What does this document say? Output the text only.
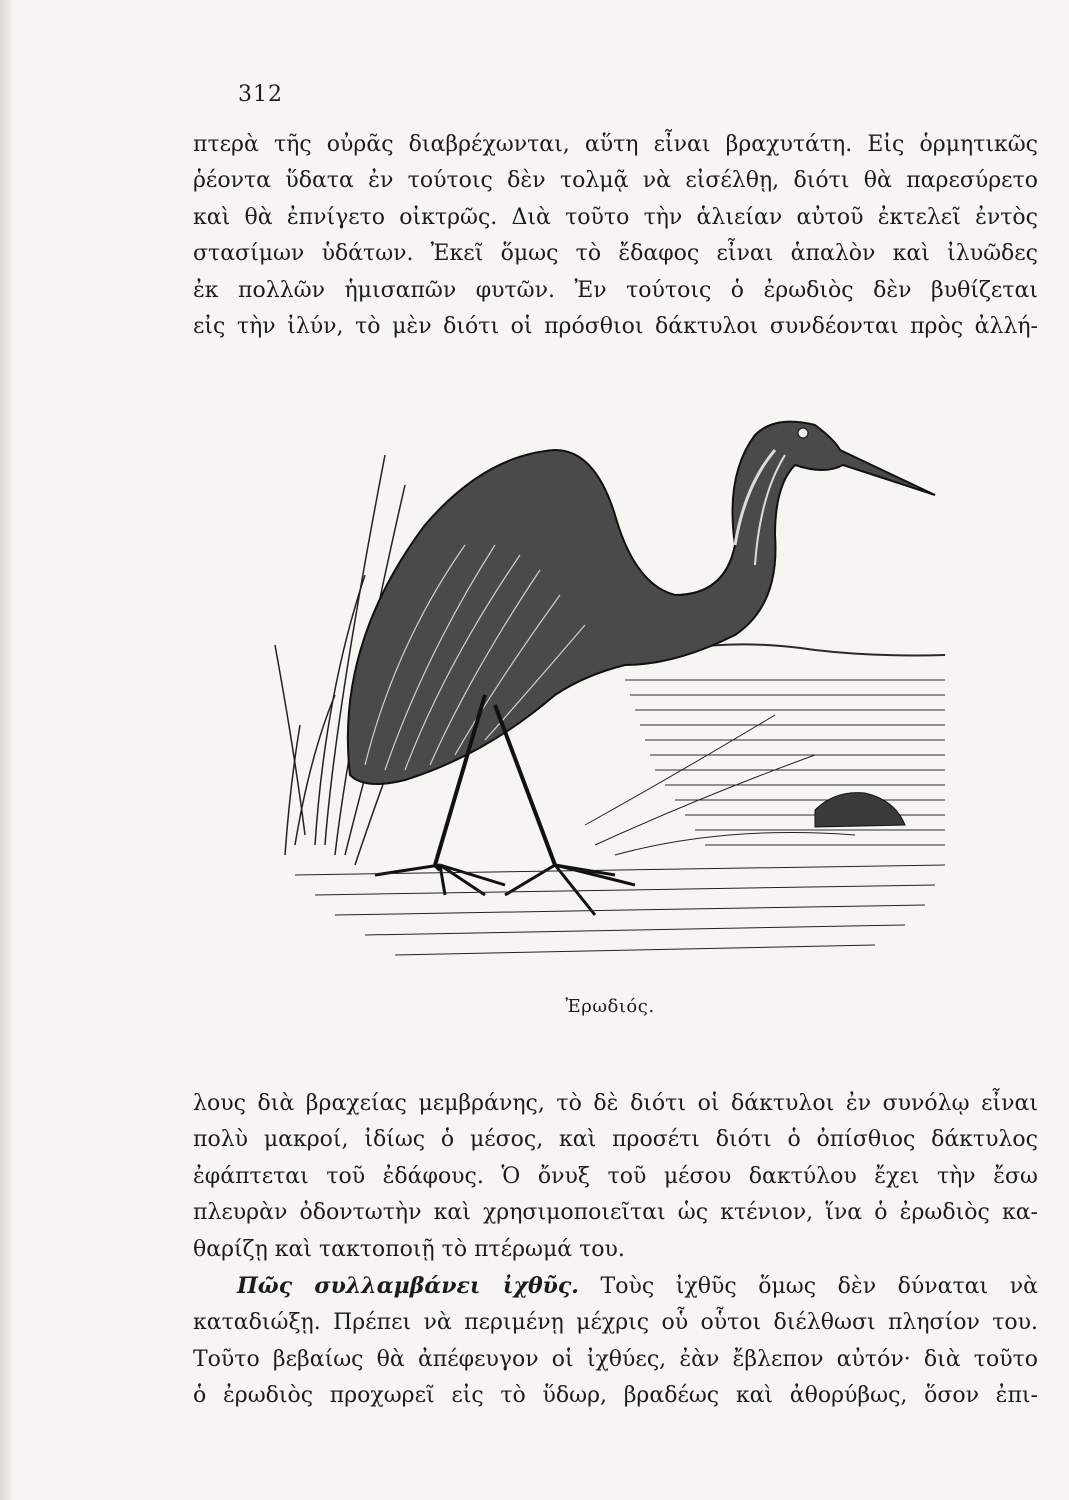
312
πτερὰ τῆς οὐρᾶς διαβρέχωνται, αὕτη εἶναι βραχυτάτη. Εἰς ὁρμητικῶς
ῥέοντα ὕδατα ἐν τούτοις δὲν τολμᾷ νὰ εἰσέλθῃ, διότι θὰ παρεσύρετο
καὶ θὰ ἐπνίγετο οἰκτρῶς. Διὰ τοῦτο τὴν ἁλιείαν αὐτοῦ ἐκτελεῖ ἐντὸς
στασίμων ὑδάτων. Ἐκεῖ ὅμως τὸ ἔδαφος εἶναι ἁπαλὸν καὶ ἰλυῶδες
ἐκ πολλῶν ἡμισαπῶν φυτῶν. Ἐν τούτοις ὁ ἐρωδιὸς δὲν βυθίζεται
εἰς τὴν ἰλύν, τὸ μὲν διότι οἱ πρόσθιοι δάκτυλοι συνδέονται πρὸς ἀλλή-
Ἐρωδιός.
λους διὰ βραχείας μεμβράνης, τὸ δὲ διότι οἱ δάκτυλοι ἐν συνόλῳ εἶναι
πολὺ μακροί, ἰδίως ὁ μέσος, καὶ προσέτι διότι ὁ ὀπίσθιος δάκτυλος
ἐφάπτεται τοῦ ἐδάφους. Ὁ ὄνυξ τοῦ μέσου δακτύλου ἔχει τὴν ἔσω
πλευρὰν ὀδοντωτὴν καὶ χρησιμοποιεῖται ὡς κτένιον, ἵνα ὁ ἐρωδιὸς κα-
θαρίζῃ καὶ τακτοποιῇ τὸ πτέρωμά του.
  Πῶς συλλαμβάνει ἰχθῦς. Τοὺς ἰχθῦς ὅμως δὲν δύναται νὰ
καταδιώξῃ. Πρέπει νὰ περιμένῃ μέχρις οὗ οὗτοι διέλθωσι πλησίον του.
Τοῦτο βεβαίως θὰ ἀπέφευγον οἱ ἰχθύες, ἐὰν ἔβλεπον αὐτόν· διὰ τοῦτο
ὁ ἐρωδιὸς προχωρεῖ εἰς τὸ ὕδωρ, βραδέως καὶ ἀθορύβως, ὅσον ἐπι-
